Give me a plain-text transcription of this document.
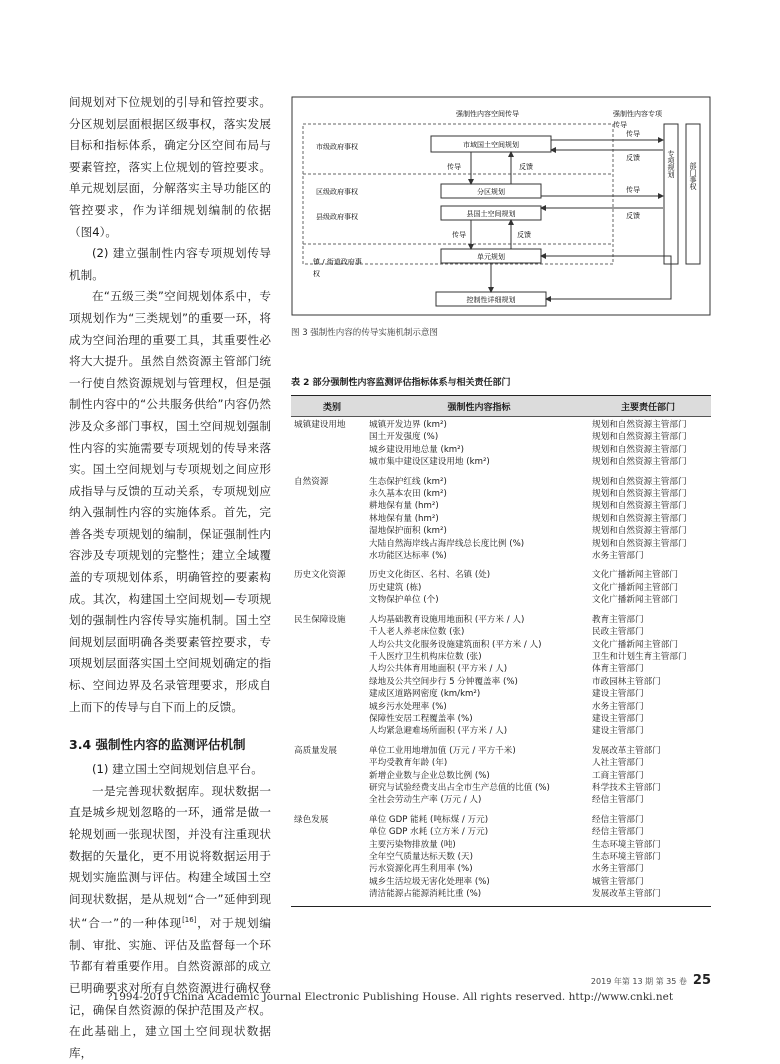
间规划对下位规划的引导和管控要求。分区规划层面根据区级事权，落实发展目标和指标体系，确定分区空间布局与要素管控，落实上位规划的管控要求。单元规划层面，分解落实主导功能区的管控要求，作为详细规划编制的依据（图4）。

(2) 建立强制性内容专项规划传导机制。

在“五级三类”空间规划体系中，专项规划作为“三类规划”的重要一环，将成为空间治理的重要工具，其重要性必将大大提升。虽然自然资源主管部门统一行使自然资源规划与管理权，但是强制性内容中的“公共服务供给”内容仍然涉及众多部门事权，国土空间规划强制性内容的实施需要专项规划的传导来落实。国土空间规划与专项规划之间应形成指导与反馈的互动关系，专项规划应纳入强制性内容的实施体系。首先，完善各类专项规划的编制，保证强制性内容涉及专项规划的完整性；建立全域覆盖的专项规划体系，明确管控的要素构成。其次，构建国土空间规划—专项规划的强制性内容传导实施机制。国土空间规划层面明确各类要素管控要求，专项规划层面落实国土空间规划确定的指标、空间边界及名录管理要求，形成自上而下的传导与自下而上的反馈。

3.4 强制性内容的监测评估机制

(1) 建立国土空间规划信息平台。

一是完善现状数据库。现状数据一直是城乡规划忽略的一环，通常是做一轮规划画一张现状图，并没有注重现状数据的矢量化，更不用说将数据运用于规划实施监测与评估。构建全域国土空间现状数据，是从规划“合一”延伸到现状“合一”的一种体现[16]，对于规划编制、审批、实施、评估及监督每一个环节都有着重要作用。自然资源部的成立已明确要求对所有自然资源进行确权登记，确保自然资源的保护范围及产权。在此基础上，建立国土空间现状数据库，

市级政府事权
区级政府事权
县级政府事权
镇 / 街道政府事
权
强制性内容空间传导	强制性内容专项
传导
市域国土空间规划
分区规划
县国土空间规划
单元规划
控制性详细规划
专项规划 部门事权
传导	反馈
传导	反馈
传导
反馈
传导
反馈
图 3 强制性内容的传导实施机制示意图
表 2 部分强制性内容监测评估指标体系与相关责任部门
类别	强制性内容指标	主要责任部门
城镇建设用地	城镇开发边界 (km²)	规划和自然资源主管部门
国土开发强度 (%)	规划和自然资源主管部门
城乡建设用地总量 (km²)	规划和自然资源主管部门
城市集中建设区建设用地 (km²)	规划和自然资源主管部门
自然资源	生态保护红线 (km²)	规划和自然资源主管部门
永久基本农田 (km²)	规划和自然资源主管部门
耕地保有量 (hm²)	规划和自然资源主管部门
林地保有量 (hm²)	规划和自然资源主管部门
湿地保护面积 (km²)	规划和自然资源主管部门
大陆自然海岸线占海岸线总长度比例 (%)	规划和自然资源主管部门
水功能区达标率 (%)	水务主管部门
历史文化资源	历史文化街区、名村、名镇 (处)	文化广播新闻主管部门
历史建筑 (栋)	文化广播新闻主管部门
文物保护单位 (个)	文化广播新闻主管部门
民生保障设施	人均基础教育设施用地面积 (平方米 / 人)	教育主管部门
千人老人养老床位数 (张)	民政主管部门
人均公共文化服务设施建筑面积 (平方米 / 人)	文化广播新闻主管部门
千人医疗卫生机构床位数 (张)	卫生和计划生育主管部门
人均公共体育用地面积 (平方米 / 人)	体育主管部门
绿地及公共空间步行 5 分钟覆盖率 (%)	市政园林主管部门
建成区道路网密度 (km/km²)	建设主管部门
城乡污水处理率 (%)	水务主管部门
保障性安居工程覆盖率 (%)	建设主管部门
人均紧急避难场所面积 (平方米 / 人)	建设主管部门
高质量发展	单位工业用地增加值 (万元 / 平方千米)	发展改革主管部门
平均受教育年龄 (年)	人社主管部门
新增企业数与企业总数比例 (%)	工商主管部门
研究与试验经费支出占全市生产总值的比值 (%)	科学技术主管部门
全社会劳动生产率 (万元 / 人)	经信主管部门
绿色发展	单位 GDP 能耗 (吨标煤 / 万元)	经信主管部门
单位 GDP 水耗 (立方米 / 万元)	经信主管部门
主要污染物排放量 (吨)	生态环境主管部门
全年空气质量达标天数 (天)	生态环境主管部门
污水资源化再生利用率 (%)	水务主管部门
城乡生活垃圾无害化处理率 (%)	城管主管部门
清洁能源占能源消耗比重 (%)	发展改革主管部门
2019 年第 13 期 第 35 卷 25
?1994-2019 China Academic Journal Electronic Publishing House. All rights reserved. http://www.cnki.net
